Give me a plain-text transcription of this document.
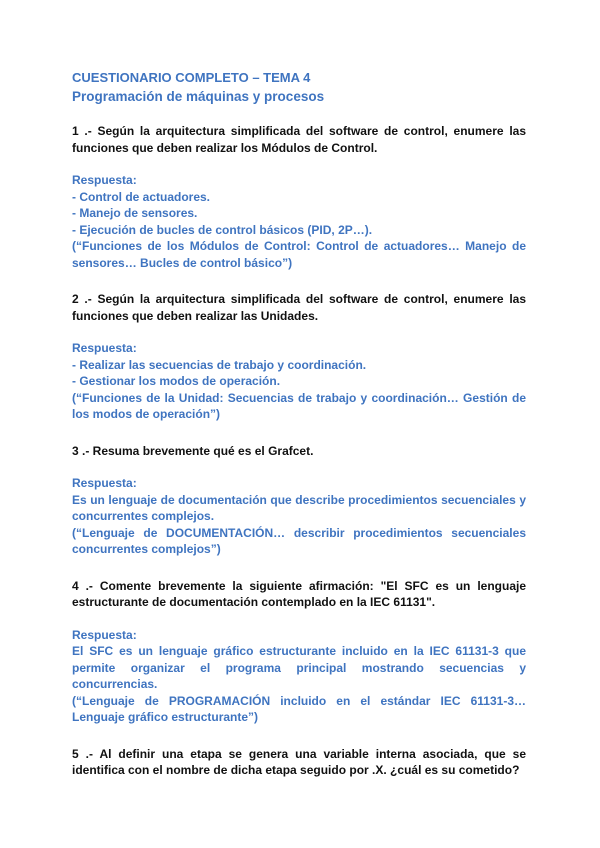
CUESTIONARIO COMPLETO – TEMA 4

Programación de máquinas y procesos

1 .- Según la arquitectura simplificada del software de control, enumere las funciones que deben realizar los Módulos de Control.

Respuesta:

- Control de actuadores.

- Manejo de sensores.

- Ejecución de bucles de control básicos (PID, 2P…).

(“Funciones de los Módulos de Control: Control de actuadores… Manejo de sensores… Bucles de control básico”)

2 .- Según la arquitectura simplificada del software de control, enumere las funciones que deben realizar las Unidades.

Respuesta:

- Realizar las secuencias de trabajo y coordinación.

- Gestionar los modos de operación.

(“Funciones de la Unidad: Secuencias de trabajo y coordinación… Gestión de los modos de operación”)

3 .- Resuma brevemente qué es el Grafcet.

Respuesta:

Es un lenguaje de documentación que describe procedimientos secuenciales y concurrentes complejos.

(“Lenguaje de DOCUMENTACIÓN… describir procedimientos secuenciales concurrentes complejos”)

4 .- Comente brevemente la siguiente afirmación: "El SFC es un lenguaje estructurante de documentación contemplado en la IEC 61131".

Respuesta:

El SFC es un lenguaje gráfico estructurante incluido en la IEC 61131-3 que permite organizar el programa principal mostrando secuencias y concurrencias.

(“Lenguaje de PROGRAMACIÓN incluido en el estándar IEC 61131-3… Lenguaje gráfico estructurante”)

5 .- Al definir una etapa se genera una variable interna asociada, que se identifica con el nombre de dicha etapa seguido por .X. ¿cuál es su cometido?
